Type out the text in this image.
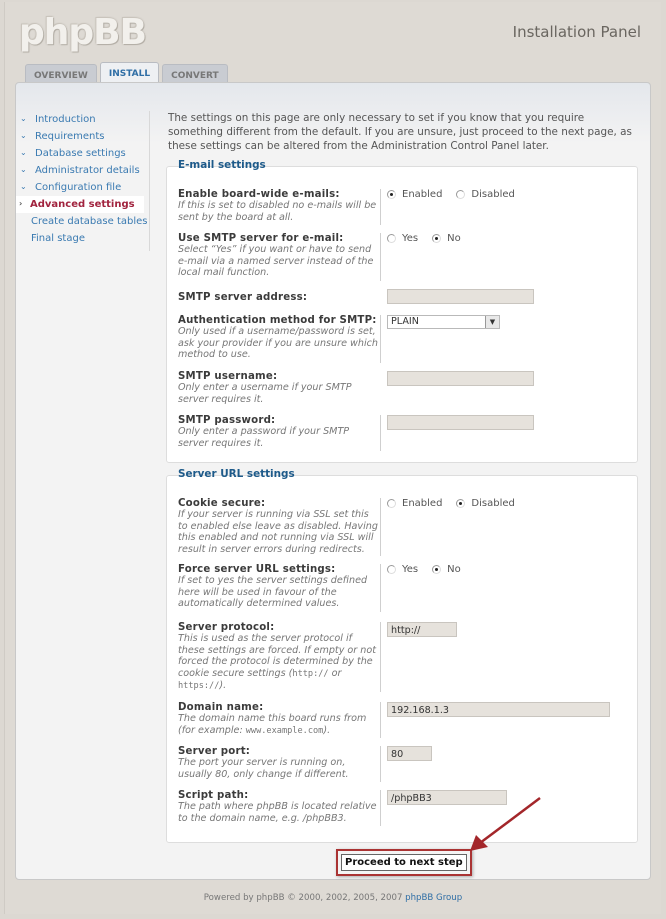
phpBB	Installation Panel
OVERVIEW	INSTALL	CONVERT
⌄ Introduction
⌄ Requirements
⌄ Database settings
⌄ Administrator details
⌄ Configuration file
› Advanced settings
Create database tables
Final stage
The settings on this page are only necessary to set if you know that you require something different from the default. If you are unsure, just proceed to the next page, as these settings can be altered from the Administration Control Panel later.
E-mail settings
Enable board-wide e-mails:
If this is set to disabled no e-mails will be sent by the board at all.
Enabled	Disabled
Use SMTP server for e-mail:
Select “Yes” if you want or have to send e-mail via a named server instead of the local mail function.
Yes	No
SMTP server address:
Authentication method for SMTP:
Only used if a username/password is set, ask your provider if you are unsure which method to use.
PLAIN	▼
SMTP username:
Only enter a username if your SMTP server requires it.
SMTP password:
Only enter a password if your SMTP server requires it.
Server URL settings
Cookie secure:
If your server is running via SSL set this to enabled else leave as disabled. Having this enabled and not running via SSL will result in server errors during redirects.
Enabled	Disabled
Force server URL settings:
If set to yes the server settings defined here will be used in favour of the automatically determined values.
Yes	No
Server protocol:
This is used as the server protocol if these settings are forced. If empty or not forced the protocol is determined by the cookie secure settings (http:// or https://).
http://
Domain name:
The domain name this board runs from (for example: www.example.com).
192.168.1.3
Server port:
The port your server is running on, usually 80, only change if different.
80
Script path:
The path where phpBB is located relative to the domain name, e.g. /phpBB3.
/phpBB3
Proceed to next step
Powered by phpBB © 2000, 2002, 2005, 2007 phpBB Group
